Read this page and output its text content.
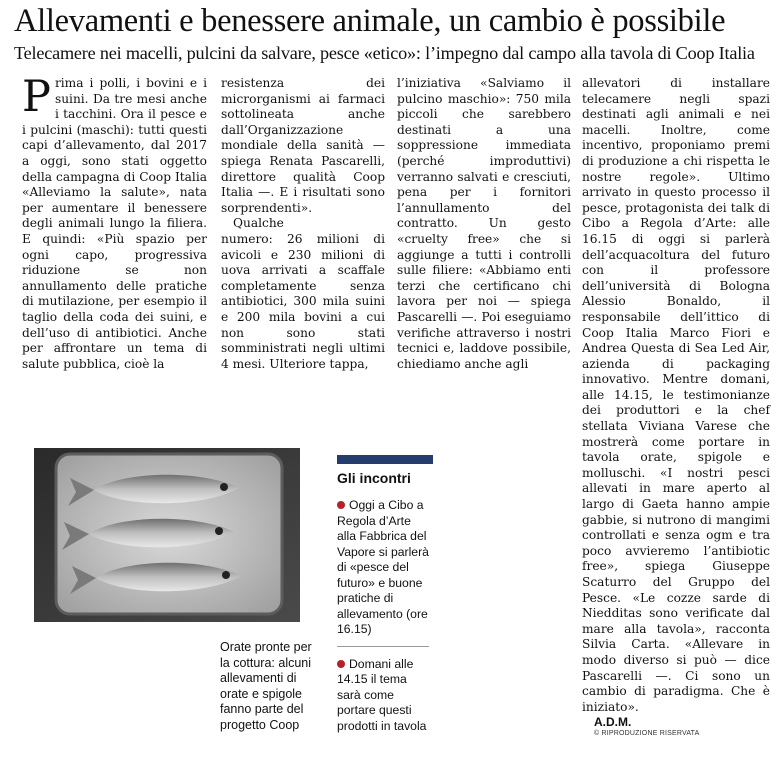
Allevamenti e benessere animale, un cambio è possibile
Telecamere nei macelli, pulcini da salvare, pesce «etico»: l’impegno dal campo alla tavola di Coop Italia

Prima i polli, i bovini e i suini. Da tre mesi anche i tacchini. Ora il pesce e i pulcini (maschi): tutti questi capi d’allevamento, dal 2017 a oggi, sono stati oggetto della campagna di Coop Italia «Alleviamo la salute», nata per aumentare il benessere degli animali lungo la filiera. E quindi: «Più spazio per ogni capo, progressiva riduzione se non annullamento delle pratiche di mutilazione, per esempio il taglio della coda dei suini, e dell’uso di antibiotici. Anche per affrontare un tema di salute pubblica, cioè la

resistenza dei microrganismi ai farmaci sottolineata anche dall’Organizzazione mondiale della sanità — spiega Renata Pascarelli, direttore qualità Coop Italia —. E i risultati sono sorprendenti».

Qualche

numero: 26 milioni di avicoli e 230 milioni di uova arrivati a scaffale completamente senza antibiotici, 300 mila suini e 200 mila bovini a cui non sono stati somministrati negli ultimi 4 mesi. Ulteriore tappa,

l’iniziativa «Salviamo il pulcino maschio»: 750 mila piccoli che sarebbero destinati a una soppressione immediata (perché improduttivi) verranno salvati e cresciuti, pena per i fornitori l’annullamento del contratto. Un gesto «cruelty free» che si aggiunge a tutti i controlli sulle filiere: «Abbiamo enti terzi che certificano chi lavora per noi — spiega Pascarelli —. Poi eseguiamo verifiche attraverso i nostri tecnici e, laddove possibile, chiediamo anche agli

allevatori di installare telecamere negli spazi destinati agli animali e nei macelli. Inoltre, come incentivo, proponiamo premi di produzione a chi rispetta le nostre regole». Ultimo arrivato in questo processo il pesce, protagonista dei talk di Cibo a Regola d’Arte: alle 16.15 di oggi si parlerà dell’acquacoltura del futuro con il professore dell’università di Bologna Alessio Bonaldo, il responsabile dell’ittico di Coop Italia Marco Fiori e Andrea Questa di Sea Led Air, azienda di packaging innovativo. Mentre domani, alle 14.15, le testimonianze dei produttori e la chef stellata Viviana Varese che mostrerà come portare in tavola orate, spigole e molluschi. «I nostri pesci allevati in mare aperto al largo di Gaeta hanno ampie gabbie, si nutrono di mangimi controllati e senza ogm e tra poco avvieremo l’antibiotic free», spiega Giuseppe Scaturro del Gruppo del Pesce. «Le cozze sarde di Niedditas sono verificate dal mare alla tavola», racconta Silvia Carta. «Allevare in modo diverso si può — dice Pascarelli —. Ci sono un cambio di paradigma. Che è iniziato».

A.D.M.

© RIPRODUZIONE RISERVATA

Orate pronte per la cottura: alcuni allevamenti di orate e spigole fanno parte del progetto Coop
Gli incontri
Oggi a Cibo a Regola d’Arte alla Fabbrica del Vapore si parlerà di «pesce del futuro» e buone pratiche di allevamento (ore 16.15)
Domani alle 14.15 il tema sarà come portare questi prodotti in tavola
